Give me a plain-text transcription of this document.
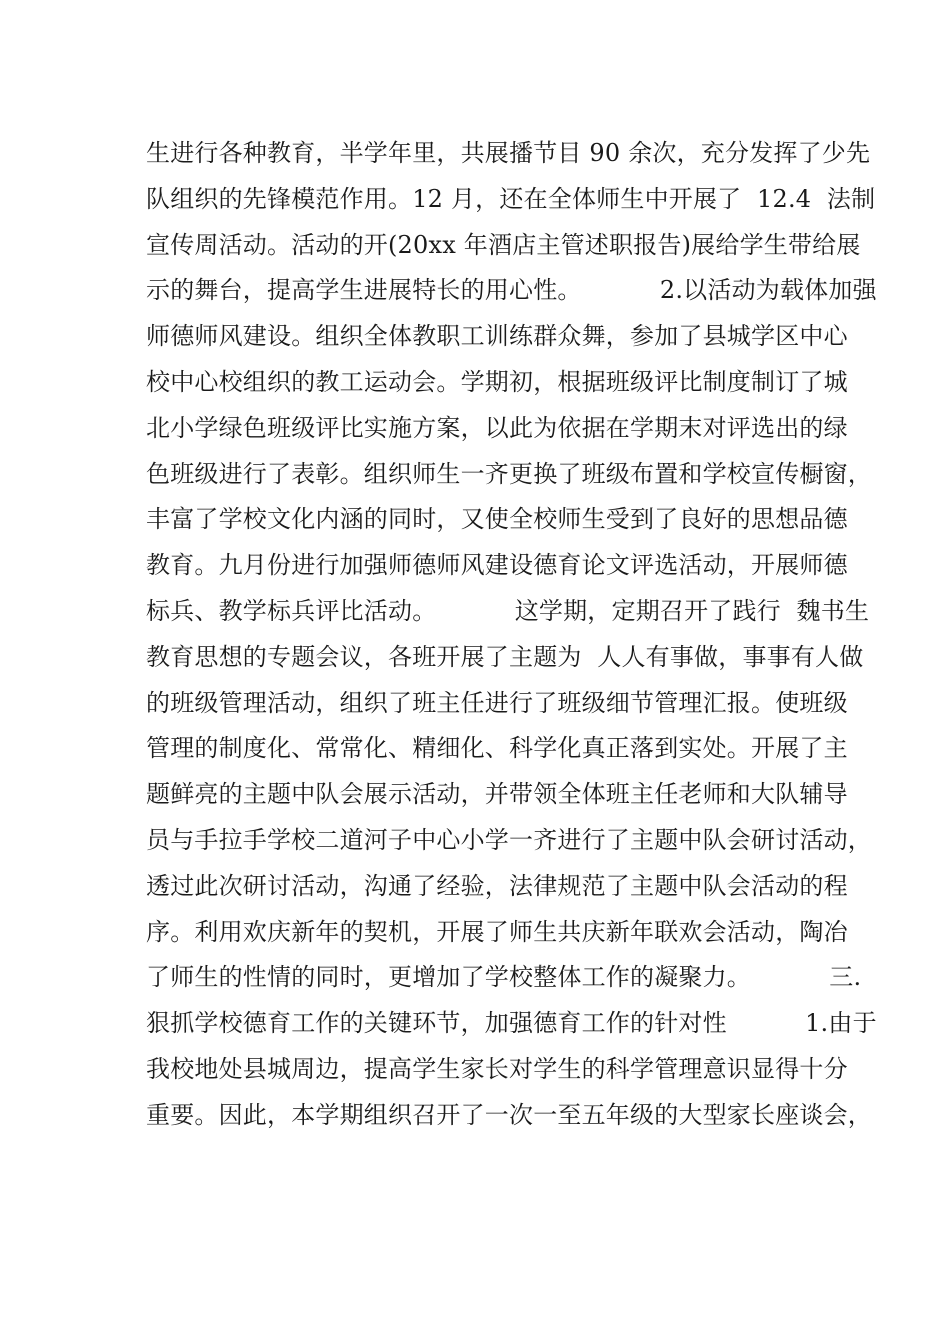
生进行各种教育，半学年里，共展播节目 90 余次，充分发挥了少先
队组织的先锋模范作用。12 月，还在全体师生中开展了  12.4  法制
宣传周活动。活动的开(20xx 年酒店主管述职报告)展给学生带给展
示的舞台，提高学生进展特长的用心性。          2.以活动为载体加强
师德师风建设。组织全体教职工训练群众舞，参加了县城学区中心
校中心校组织的教工运动会。学期初，根据班级评比制度制订了城
北小学绿色班级评比实施方案，以此为依据在学期末对评选出的绿
色班级进行了表彰。组织师生一齐更换了班级布置和学校宣传橱窗，
丰富了学校文化内涵的同时，又使全校师生受到了良好的思想品德
教育。九月份进行加强师德师风建设德育论文评选活动，开展师德
标兵、教学标兵评比活动。          这学期，定期召开了践行  魏书生
教育思想的专题会议，各班开展了主题为  人人有事做，事事有人做
的班级管理活动，组织了班主任进行了班级细节管理汇报。使班级
管理的制度化、常常化、精细化、科学化真正落到实处。开展了主
题鲜亮的主题中队会展示活动，并带领全体班主任老师和大队辅导
员与手拉手学校二道河子中心小学一齐进行了主题中队会研讨活动，
透过此次研讨活动，沟通了经验，法律规范了主题中队会活动的程
序。利用欢庆新年的契机，开展了师生共庆新年联欢会活动，陶冶
了师生的性情的同时，更增加了学校整体工作的凝聚力。          三.
狠抓学校德育工作的关键环节，加强德育工作的针对性          1.由于
我校地处县城周边，提高学生家长对学生的科学管理意识显得十分
重要。因此，本学期组织召开了一次一至五年级的大型家长座谈会，
